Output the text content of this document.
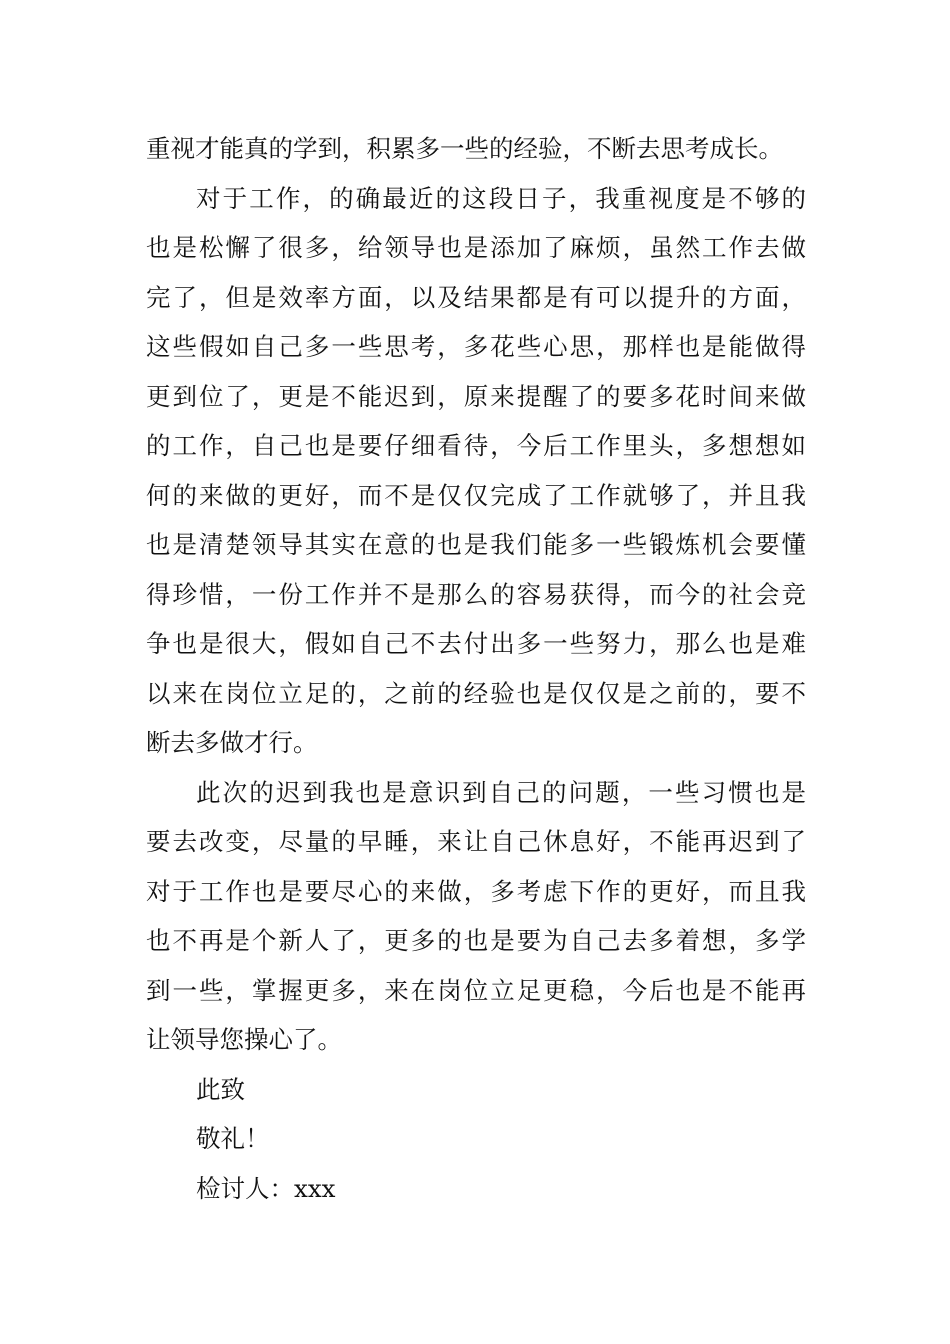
重视才能真的学到，积累多一些的经验，不断去思考成长。

对于工作，的确最近的这段日子，我重视度是不够的

也是松懈了很多，给领导也是添加了麻烦，虽然工作去做

完了，但是效率方面，以及结果都是有可以提升的方面，

这些假如自己多一些思考，多花些心思，那样也是能做得

更到位了，更是不能迟到，原来提醒了的要多花时间来做

的工作，自己也是要仔细看待，今后工作里头，多想想如

何的来做的更好，而不是仅仅完成了工作就够了，并且我

也是清楚领导其实在意的也是我们能多一些锻炼机会要懂

得珍惜，一份工作并不是那么的容易获得，而今的社会竞

争也是很大，假如自己不去付出多一些努力，那么也是难

以来在岗位立足的，之前的经验也是仅仅是之前的，要不

断去多做才行。

此次的迟到我也是意识到自己的问题，一些习惯也是

要去改变，尽量的早睡，来让自己休息好，不能再迟到了

对于工作也是要尽心的来做，多考虑下作的更好，而且我

也不再是个新人了，更多的也是要为自己去多着想，多学

到一些，掌握更多，来在岗位立足更稳，今后也是不能再

让领导您操心了。

此致

敬礼！

检讨人：xxx
